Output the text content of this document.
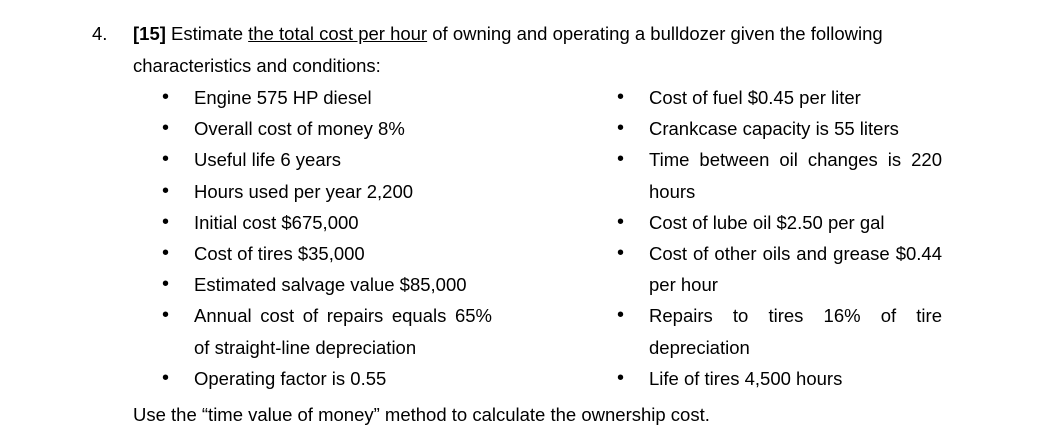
4. [15] Estimate the total cost per hour of owning and operating a bulldozer given the following
characteristics and conditions:
• Engine 575 HP diesel
• Overall cost of money 8%
• Useful life 6 years
• Hours used per year 2,200
• Initial cost $675,000
• Cost of tires $35,000
• Estimated salvage value $85,000
• Annual cost of repairs equals 65% of straight-line depreciation
• Operating factor is 0.55
• Cost of fuel $0.45 per liter
• Crankcase capacity is 55 liters
• Time between oil changes is 220 hours
• Cost of lube oil $2.50 per gal
• Cost of other oils and grease $0.44 per hour
• Repairs to tires 16% of tire depreciation
• Life of tires 4,500 hours
Use the “time value of money” method to calculate the ownership cost.
